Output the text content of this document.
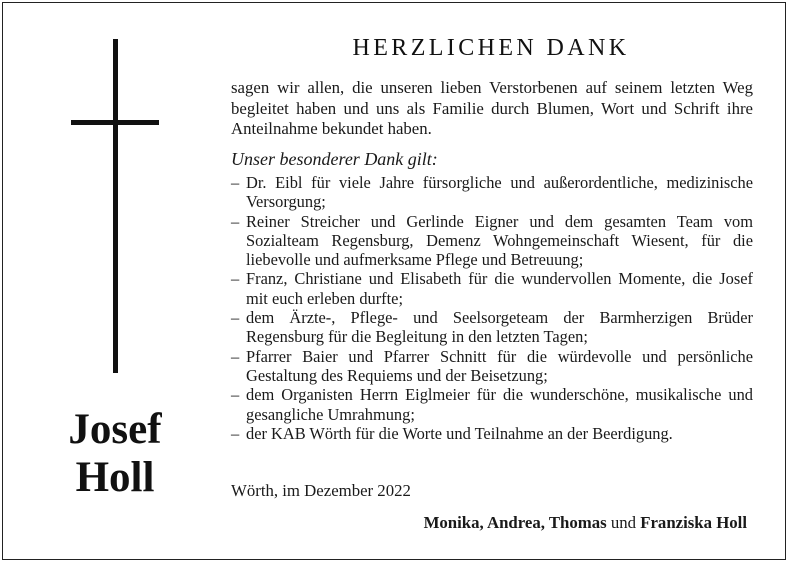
Josef
Holl
HERZLICHEN DANK
sagen wir allen, die unseren lieben Verstorbenen auf seinem letzten Weg begleitet haben und uns als Familie durch Blumen, Wort und Schrift ihre Anteilnahme bekundet haben.
Unser besonderer Dank gilt:
– Dr. Eibl für viele Jahre fürsorgliche und außerordentliche, medizinische Versorgung;
– Reiner Streicher und Gerlinde Eigner und dem gesamten Team vom Sozialteam Regensburg, Demenz Wohngemeinschaft Wiesent, für die liebevolle und aufmerksame Pflege und Betreuung;
– Franz, Christiane und Elisabeth für die wundervollen Momente, die Josef mit euch erleben durfte;
– dem Ärzte-, Pflege- und Seelsorgeteam der Barmherzigen Brüder Regensburg für die Begleitung in den letzten Tagen;
– Pfarrer Baier und Pfarrer Schnitt für die würdevolle und persönliche Gestaltung des Requiems und der Beisetzung;
– dem Organisten Herrn Eiglmeier für die wunderschöne, musikalische und gesangliche Umrahmung;
– der KAB Wörth für die Worte und Teilnahme an der Beerdigung.
Wörth, im Dezember 2022
Monika, Andrea, Thomas und Franziska Holl
